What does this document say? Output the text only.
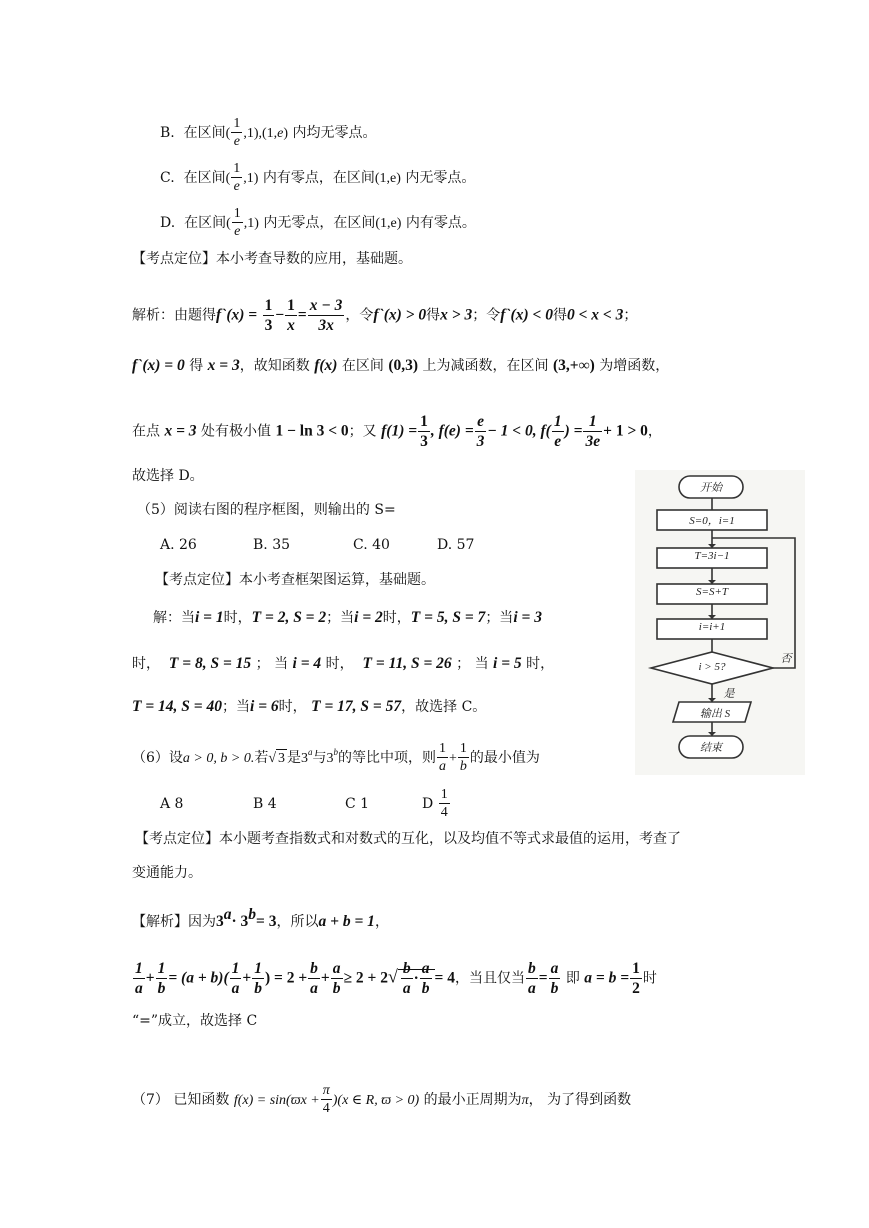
B. 在区间( $\frac{1}{e} ,1),(1,e)$ 内均无零点。
C. 在区间( $\frac{1}{e} ,1$) 内有零点，在区间(1,e) 内无零点。
D. 在区间( $\frac{1}{e} ,1$) 内无零点，在区间(1,e) 内有零点。
【考点定位】本小考查导数的应用，基础题。
解析：由题得f`(x) = $\frac{1}{3} - \frac{1}{x} = \frac{x - 3}{3x}$ ，令f`(x) > 0得x > 3；令f`(x) < 0得0 < x < 3；
f`(x) = 0 得 x = 3，故知函数 f(x) 在区间 (0,3) 上为减函数，在区间 (3,+∞) 为增函数，
在点 x = 3 处有极小值 1 − ln 3 < 0；又 $f(1) = \frac{1}{3}$ , $f(e) = \frac{e}{3} - 1 < 0$, $f( \frac{1}{e}$ ) = $\frac{1}{3e} + 1 > 0$，
故选择 D。
（5）阅读右图的程序框图，则输出的 S=
A. 26	B. 35	C. 40	D. 57
【考点定位】本小考查框架图运算，基础题。
解：当i = 1时，T = 2, S = 2；当i = 2时，T = 5, S = 7；当i = 3
时， T = 8, S = 15 ； 当 i = 4 时， T = 11, S = 26 ； 当 i = 5 时，
T = 14, S = 40；当i = 6时， T = 17, S = 57，故选择 C。
开始
S=0，i=1
T=3i−1
S=S+T
i=i+1
i > 5?
是
否
输出 S
结束
（6）设a > 0, b > 0.若√ 3 是3$^a$与3$^b$的等比中项，则 $\frac{1}{a} + \frac{1}{b}$ 的最小值为
A 8	B 4	C 1	D $\frac{1}{4}$
【考点定位】本小题考查指数式和对数式的互化，以及均值不等式求最值的运用，考查了
变通能力。
【解析】因为$3^a\cdot 3^b= 3$，所以a + b = 1，
$\frac{1}{a} + \frac{1}{b} = (a + b)( \frac{1}{a} + \frac{1}{b}$ ) = $2 + \frac{b}{a} + \frac{a}{b} \ge 2 + 2√ \frac{b}{a} \cdot \frac{a}{b} = 4$，当且仅当 $\frac{b}{a} = \frac{a}{b}$ 即 $a = b = \frac{1}{2}$ 时
“=”成立，故选择 C
（7） 已知函数 $f(x) = \sin(ϖx + \frac{\pi}{4} )(x$ ∈ R, ϖ > 0) 的最小正周期为π， 为了得到函数
